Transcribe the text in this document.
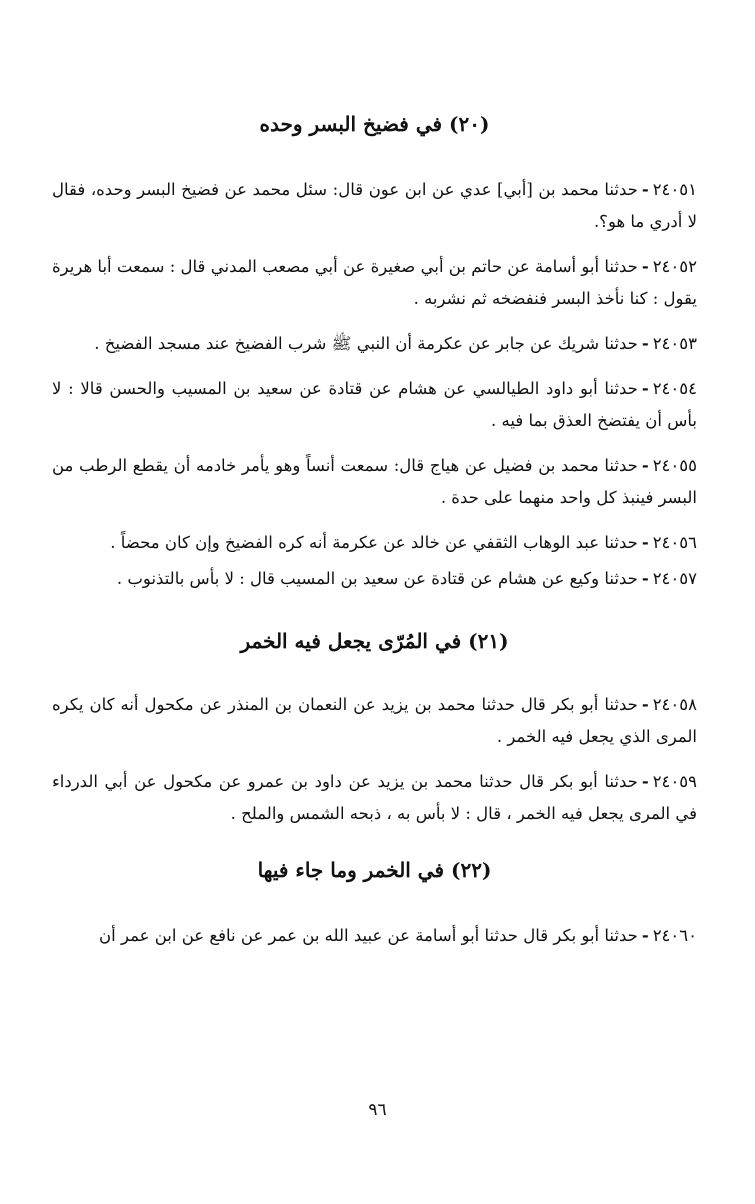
(٢٠) في فضيخ البسر وحده

٢٤٠٥١-حدثنا محمد بن [أبي] عدي عن ابن عون قال: سئل محمد عن فضيخ البسر وحده، فقال لا أدري ما هو؟.

٢٤٠٥٢-حدثنا أبو أسامة عن حاتم بن أبي صغيرة عن أبي مصعب المدني قال : سمعت أبا هريرة يقول : كنا نأخذ البسر فنفضخه ثم نشربه .

٢٤٠٥٣-حدثنا شريك عن جابر عن عكرمة أن النبي ﷺ شرب الفضيخ عند مسجد الفضيخ .

٢٤٠٥٤-حدثنا أبو داود الطيالسي عن هشام عن قتادة عن سعيد بن المسيب والحسن قالا : لا بأس أن يفتضخ العذق بما فيه .

٢٤٠٥٥-حدثنا محمد بن فضيل عن هياج قال: سمعت أنساً وهو يأمر خادمه أن يقطع الرطب من البسر فينبذ كل واحد منهما على حدة .

٢٤٠٥٦-حدثنا عبد الوهاب الثقفي عن خالد عن عكرمة أنه كره الفضيخ وإن كان محضاً .

٢٤٠٥٧-حدثنا وكيع عن هشام عن قتادة عن سعيد بن المسيب قال : لا بأس بالتذنوب .

(٢١) في المُرّى يجعل فيه الخمر

٢٤٠٥٨-حدثنا أبو بكر قال حدثنا محمد بن يزيد عن النعمان بن المنذر عن مكحول أنه كان يكره المرى الذي يجعل فيه الخمر .

٢٤٠٥٩-حدثنا أبو بكر قال حدثنا محمد بن يزيد عن داود بن عمرو عن مكحول عن أبي الدرداء في المرى يجعل فيه الخمر ، قال : لا بأس به ، ذبحه الشمس والملح .

(٢٢) في الخمر وما جاء فيها

٢٤٠٦٠-حدثنا أبو بكر قال حدثنا أبو أسامة عن عبيد الله بن عمر عن نافع عن ابن عمر أن

٩٦
